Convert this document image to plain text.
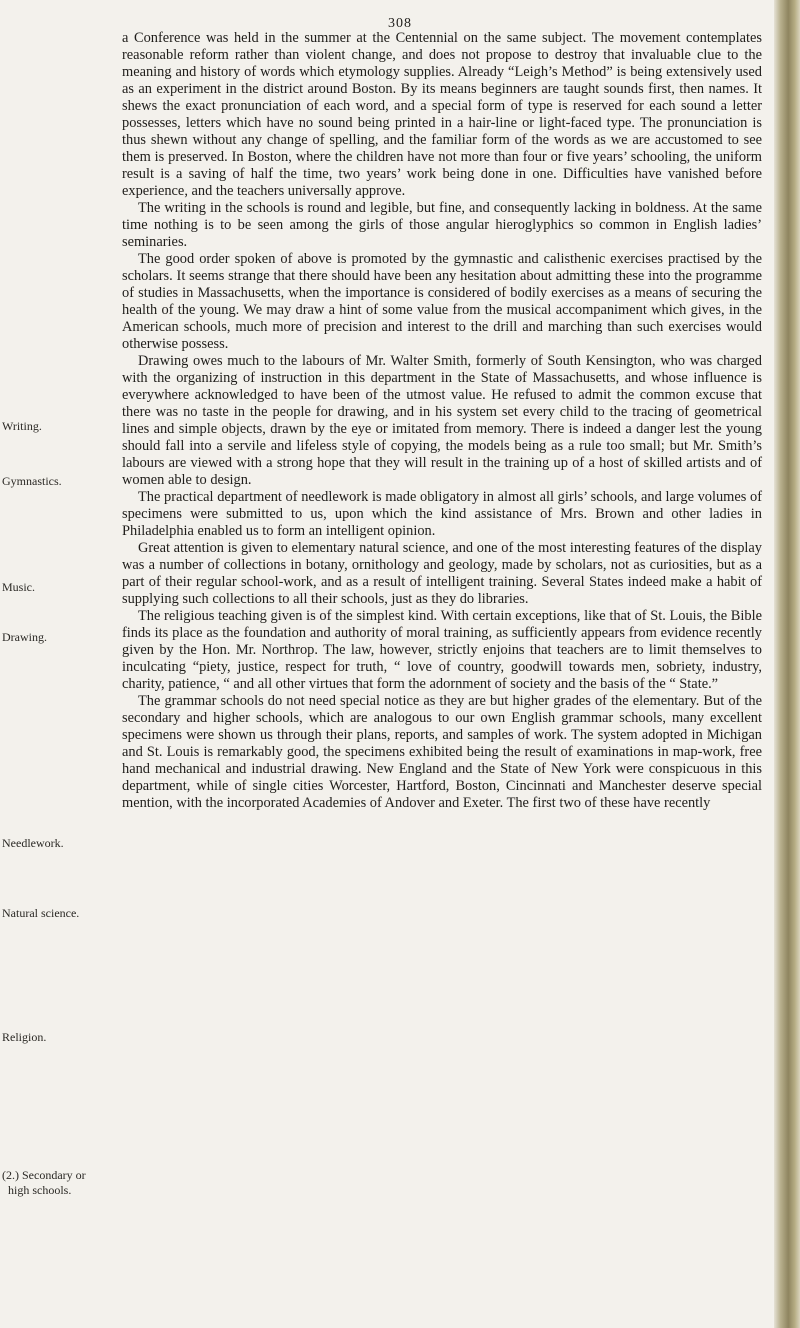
308
Writing.
Gymnastics.
Music.
Drawing.
Needlework.
Natural science.
Religion.
(2.) Secondary or
high schools.

a Conference was held in the summer at the Centennial on the same subject. The movement contemplates reasonable reform rather than violent change, and does not propose to destroy that invaluable clue to the meaning and history of words which etymology supplies. Already “Leigh’s Method” is being extensively used as an experiment in the district around Boston. By its means beginners are taught sounds first, then names. It shews the exact pronunciation of each word, and a special form of type is reserved for each sound a letter possesses, letters which have no sound being printed in a hair-line or light-faced type. The pronunciation is thus shewn without any change of spelling, and the familiar form of the words as we are accustomed to see them is preserved. In Boston, where the children have not more than four or five years’ schooling, the uniform result is a saving of half the time, two years’ work being done in one. Difficulties have vanished before experience, and the teachers universally approve.

The writing in the schools is round and legible, but fine, and consequently lacking in boldness. At the same time nothing is to be seen among the girls of those angular hieroglyphics so common in English ladies’ seminaries.

The good order spoken of above is promoted by the gymnastic and calisthenic exercises practised by the scholars. It seems strange that there should have been any hesitation about admitting these into the programme of studies in Massachusetts, when the importance is considered of bodily exercises as a means of securing the health of the young. We may draw a hint of some value from the musical accompaniment which gives, in the American schools, much more of precision and interest to the drill and marching than such exercises would otherwise possess.

Drawing owes much to the labours of Mr. Walter Smith, formerly of South Kensington, who was charged with the organizing of instruction in this department in the State of Massachusetts, and whose influence is everywhere acknowledged to have been of the utmost value. He refused to admit the common excuse that there was no taste in the people for drawing, and in his system set every child to the tracing of geometrical lines and simple objects, drawn by the eye or imitated from memory. There is indeed a danger lest the young should fall into a servile and lifeless style of copying, the models being as a rule too small; but Mr. Smith’s labours are viewed with a strong hope that they will result in the training up of a host of skilled artists and of women able to design.

The practical department of needlework is made obligatory in almost all girls’ schools, and large volumes of specimens were submitted to us, upon which the kind assistance of Mrs. Brown and other ladies in Philadelphia enabled us to form an intelligent opinion.

Great attention is given to elementary natural science, and one of the most interesting features of the display was a number of collections in botany, ornithology and geology, made by scholars, not as curiosities, but as a part of their regular school-work, and as a result of intelligent training. Several States indeed make a habit of supplying such collections to all their schools, just as they do libraries.

The religious teaching given is of the simplest kind. With certain exceptions, like that of St. Louis, the Bible finds its place as the foundation and authority of moral training, as sufficiently appears from evidence recently given by the Hon. Mr. Northrop. The law, however, strictly enjoins that teachers are to limit themselves to inculcating “piety, justice, respect for truth, “ love of country, goodwill towards men, sobriety, industry, charity, patience, “ and all other virtues that form the adornment of society and the basis of the “ State.”

The grammar schools do not need special notice as they are but higher grades of the elementary. But of the secondary and higher schools, which are analogous to our own English grammar schools, many excellent specimens were shown us through their plans, reports, and samples of work. The system adopted in Michigan and St. Louis is remarkably good, the specimens exhibited being the result of examinations in map-work, free hand mechanical and industrial drawing. New England and the State of New York were conspicuous in this department, while of single cities Worcester, Hartford, Boston, Cincinnati and Manchester deserve special mention, with the incorporated Academies of Andover and Exeter. The first two of these have recently
